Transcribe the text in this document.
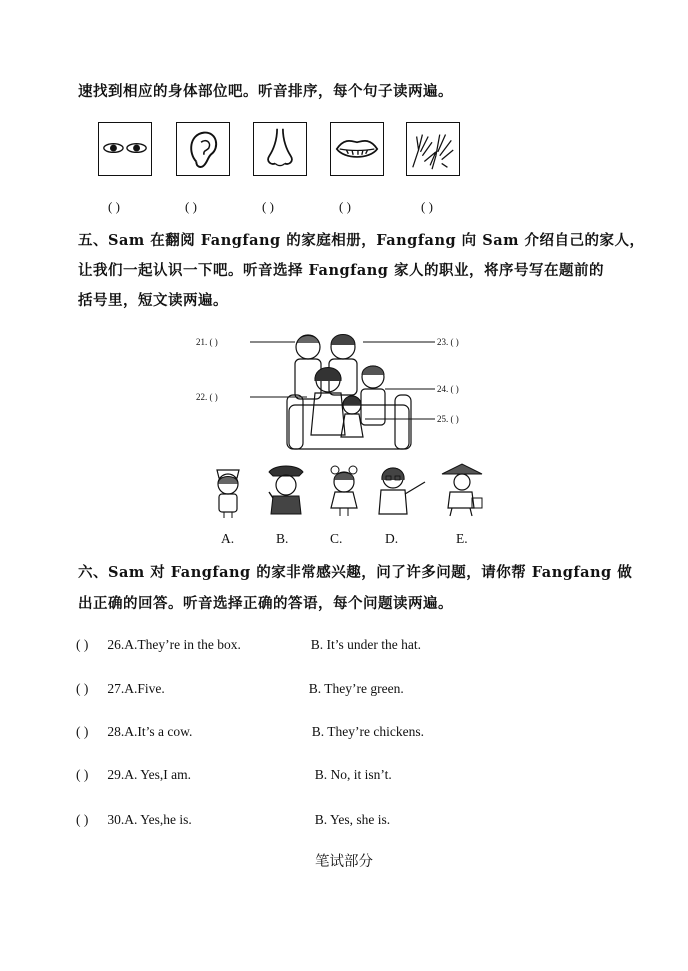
速找到相应的身体部位吧。听音排序，每个句子读两遍。
( )	( )	( )	( )	( )
五、Sam 在翻阅 Fangfang 的家庭相册，Fangfang 向 Sam 介绍自己的家人，
让我们一起认识一下吧。听音选择 Fangfang 家人的职业，将序号写在题前的
括号里，短文读两遍。
21. ( )
22. ( )
23. ( )
24. ( )
25. ( )
A.	B.	C.	D.	E.
六、Sam 对 Fangfang 的家非常感兴趣，问了许多问题，请你帮 Fangfang 做
出正确的回答。听音选择正确的答语，每个问题读两遍。
( ) 26.A.They’re in the box.	B. It’s under the hat.
( ) 27.A.Five.	B. They’re green.
( ) 28.A.It’s a cow.	B. They’re chickens.
( ) 29.A. Yes,I am.	B. No, it isn’t.
( ) 30.A. Yes,he is.	B. Yes, she is.
笔试部分
